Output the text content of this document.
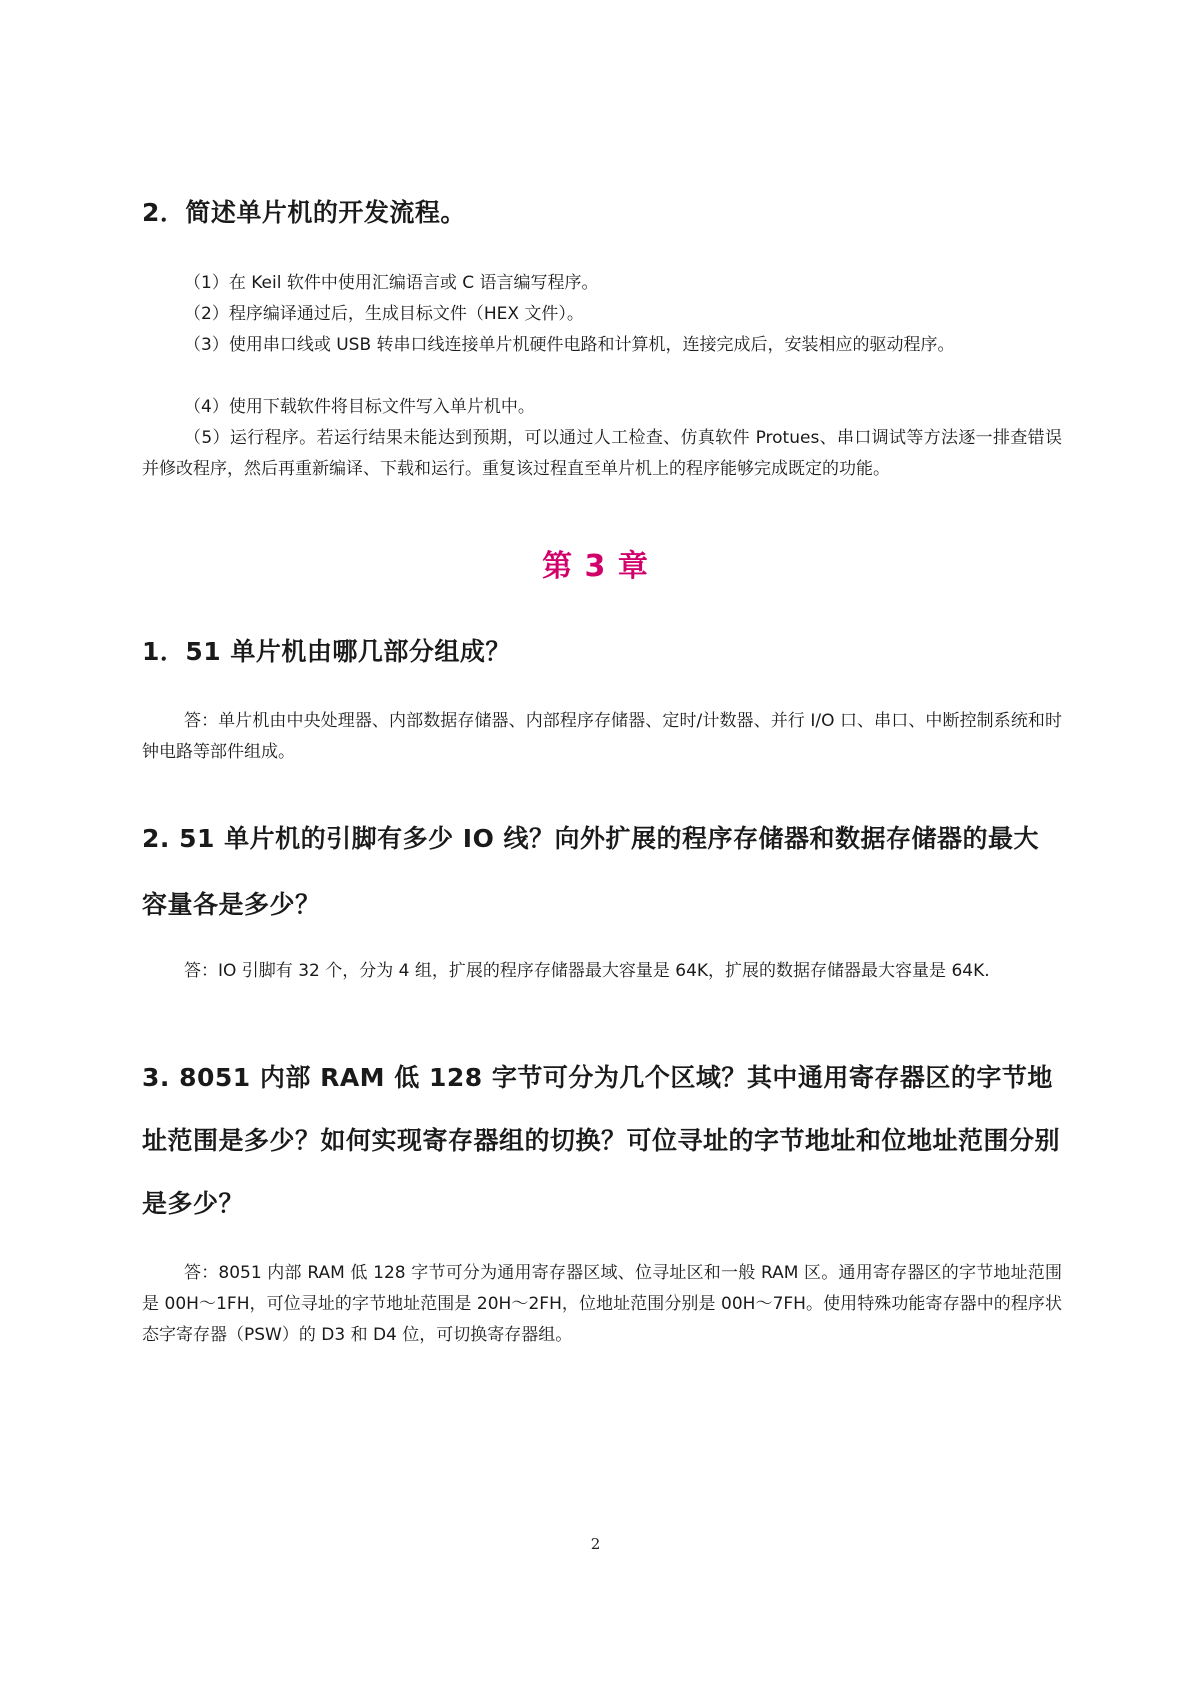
2．简述单片机的开发流程。

（1）在 Keil 软件中使用汇编语言或 C 语言编写程序。

（2）程序编译通过后，生成目标文件（HEX 文件）。

（3）使用串口线或 USB 转串口线连接单片机硬件电路和计算机，连接完成后，安装相应的驱动程序。

（4）使用下载软件将目标文件写入单片机中。

（5）运行程序。若运行结果未能达到预期，可以通过人工检查、仿真软件 Protues、串口调试等方法逐一排查错误并修改程序，然后再重新编译、下载和运行。重复该过程直至单片机上的程序能够完成既定的功能。

第 3 章
1．51 单片机由哪几部分组成？

答：单片机由中央处理器、内部数据存储器、内部程序存储器、定时/计数器、并行 I/O 口、串口、中断控制系统和时钟电路等部件组成。

2. 51 单片机的引脚有多少 IO 线？向外扩展的程序存储器和数据存储器的最大容量各是多少？

答：IO 引脚有 32 个，分为 4 组，扩展的程序存储器最大容量是 64K，扩展的数据存储器最大容量是 64K.

3. 8051 内部 RAM 低 128 字节可分为几个区域？其中通用寄存器区的字节地址范围是多少？如何实现寄存器组的切换？可位寻址的字节地址和位地址范围分别是多少？

答：8051 内部 RAM 低 128 字节可分为通用寄存器区域、位寻址区和一般 RAM 区。通用寄存器区的字节地址范围是 00H～1FH，可位寻址的字节地址范围是 20H～2FH，位地址范围分别是 00H～7FH。使用特殊功能寄存器中的程序状态字寄存器（PSW）的 D3 和 D4 位，可切换寄存器组。

2
